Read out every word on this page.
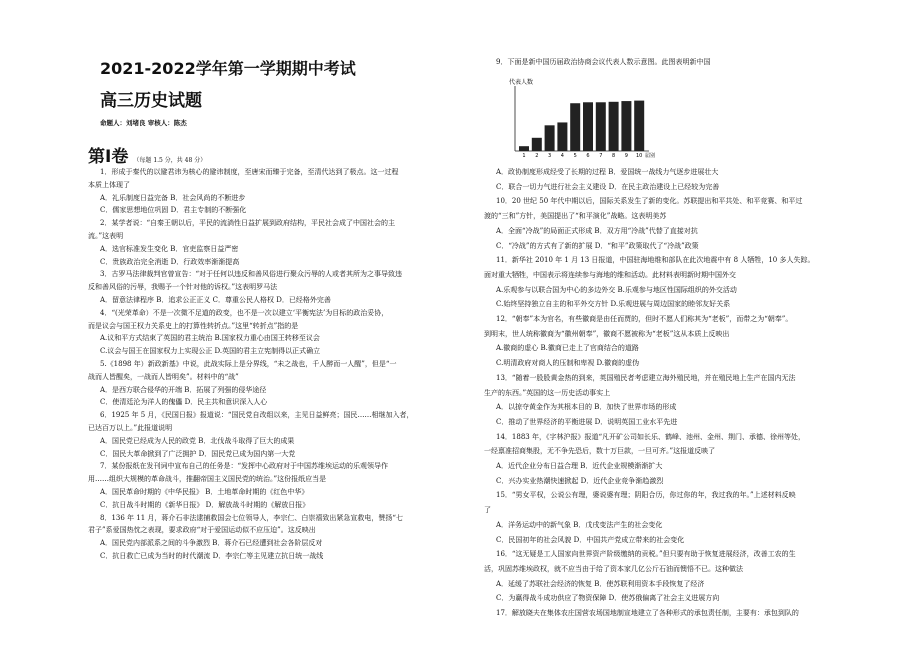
2021-2022学年第一学期期中考试
高三历史试题
命题人：刘堵良 审核人：陈杰
第Ⅰ卷 （每题 1.5 分，共 48 分）
1．形成于秦代的以避君讳为核心的避讳制度，至唐宋而臻于完备，至清代达到了极点。这一过程
本质上体现了
A．礼乐制度日益完备 B．社会风尚的不断进步
C．儒家思想地位巩固 D．君主专制的不断强化
2．某学者说：“自秦王朝以后，平民的流淌性日益扩展到政府结构，平民社会成了中国社会的主
流。”这表明
A．选官标准发生变化 B．官吏监察日益严密
C．贵族政治完全消逝 D．行政效率渐渐提高
3．古罗马法律裁判官曾宣告：“对于任何以违反和善风俗进行聚众污辱的人或者其所为之事导致违
反和善风俗的污辱，我赐予一个针对他的诉权。”这表明罗马法
A．留意法律程序 B．追求公正正义 C．尊重公民人格权 D．已经格外完善
4．“(光荣革命）不是一次微不足道的政变，也不是一次以建立‘平衡宪法’为目标的政治妥协，
而是议会与国王权力关系史上的打算性转折点。”这里“转折点”指的是
A.议和平方式结束了英国的君主统治 B.国家权力重心由国王转移至议会
C.议会与国王在国家权力上实现公正 D.英国的君主立宪制得以正式确立
5.《1898 年）新政新基》中说，此战实际上是分界线，“未之战也，千人醉而一人醒”，但是“一
战而人皆醒矣，一战而人皆明矣”。材料中的“战”
A．是西方联合侵华的开端 B．拓展了列强的侵华途径
C．使清廷沦为洋人的傀儡 D．民主共和意识深入人心
6．1925 年 5 月，《民国日报》报道说：“国民党自改组以来，主见日益鲜亮；国民……相继加入者，
已达百万以上。”此报道说明
A．国民党已经成为人民的政党 B．北伐战斗取得了巨大的成果
C．国民大革命掀到了广泛拥护 D．国民党已成为国内第一大党
7．某份报纸在发刊词中宣布自己的任务是：“发挥中心政府对于中国苏维埃运动的乐观领导作
用……组织大规模的革命战斗，推翻帝国主义国民党的统治。”这份报纸应当是
A．国民革命时期的《中华民报》 B．土地革命时期的《红色中华》
C．抗日战斗时期的《新华日报》 D．解放战斗时期的《解放日报》
8．136 年 11 月，蒋介石非法逮捕救国会七位领导人，李宗仁、白崇禧致出紧急宣救电，赞扬“七
君子”系爱国热忱之表现，要求政府“对于爱国运动似不应压迫”。这反映出
A．国民党内部派系之间的斗争激烈 B．蒋介石已经遭到社会各阶层反对
C．抗日救亡已成为当时的时代潮流 D．李宗仁等主见建立抗日统一战线
9．下面是新中国历届政治协商会议代表人数示意图。此图表明新中国
A．政协制度形成经受了长期的过程 B．爱国统一战线力气逐步进展壮大
C．联合一切力气进行社会主义建设 D．在民主政治建设上已经较为完善
10．20 世纪 50 年代中期以后，国际关系发生了新的变化。苏联提出和平共处、和平竞赛、和平过
渡的“三和”方针，美国提出了“和平演化”战略。这表明美苏
A．全面“冷战”的局面正式形成 B．双方用“冷战”代替了直接对抗
C．“冷战”的方式有了新的扩展 D．“和平”政策取代了“冷战”政策
11．新华社 2010 年 1 月 13 日报道，中国驻海地维和部队在此次地震中有 8 人牺牲，10 多人失踪。
面对重大牺牲，中国表示将连续参与海地的维和活动。此材料表明新时期中国外交
A.乐观参与以联合国为中心的多边外交 B.乐观参与地区性国际组织的外交活动
C.始终坚持独立自主的和平外交方针 D.乐观进展与周边国家的睦邻友好关系
12．“朝奉”本为官名，有些徽商是由任而贾的，但时不愿人们称其为“老板”，而带之为“朝奉”。
到明末，世人统称徽商为“徽州朝奉”，徽商不愿被称为“老板”这从本质上反映出
A.徽商的虚心 B.徽商已走上了官商结合的道路
C.明清政府对商人的压制和卑视 D.徽商的虚伪
13．“随着一股股黄金热的到来，英国殖民者考虑建立海外殖民地，并在殖民地上生产在国内无法
生产的东西。”英国的这一历史活动事实上
A．以掠夺黄金作为其根本目的 B．加快了世界市场的形成
C．推动了世界经济的平衡进展 D．说明英国工业水平先进
14．1883 年，《字林沪报》报道“凡开矿公司如长乐、鹤峰、池州、金州、荆门、承德、徐州等处，
一经禀准招商集股，无不争先恐后，数十万巨款，一旦可齐。”这报道反映了
A．近代企业分布日益合理 B．近代企业规模渐渐扩大
C．兴办实业热潮快速掀起 D．近代企业竞争渐趋激烈
15．“男女平权，公说公有理，婆说婆有理；阴阳合历，你过你的年，我过我的年。”上述材料反映
了
A．洋务运动中的新气象 B．戊戌变法产生的社会变化
C．民国初年的社会风貌 D．中国共产党成立带来的社会变化
16．“这无疑是工人国家向世界资产阶级缴纳的贡税。”但只要有助于恢复进展经济，改善工农的生
活，巩固苏维埃政权，就不应当由于给了资本家几亿公斤石油而懊悟不已。这种做法
A．延缓了苏联社会经济的恢复 B．使苏联利用资本手段恢复了经济
C．为赢得战斗成功供应了物资保障 D．使苏俄偏离了社会主义进展方向
17．解放晓夫在集体农庄国营农场国地制宣地建立了各种形式的承包责任制，主要有：承包到队的
代表人数
届别
1 2 3 4 5 6 7 8 9 10
